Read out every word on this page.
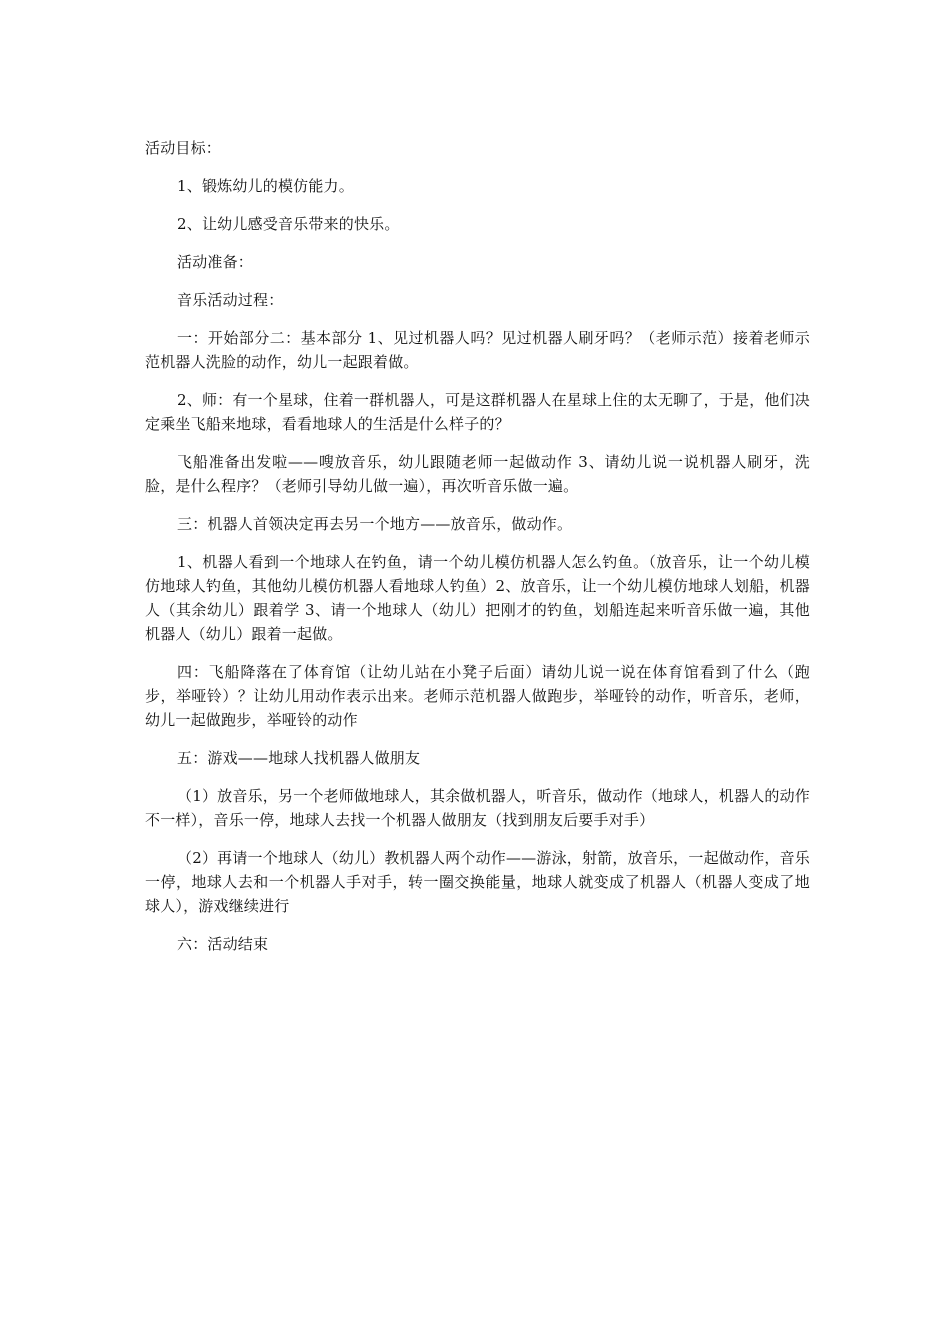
活动目标：

1、锻炼幼儿的模仿能力。

2、让幼儿感受音乐带来的快乐。

活动准备：

音乐活动过程：

一：开始部分二：基本部分 1、见过机器人吗？见过机器人刷牙吗？（老师示范）接着老师示范机器人洗脸的动作，幼儿一起跟着做。

2、师：有一个星球，住着一群机器人，可是这群机器人在星球上住的太无聊了，于是，他们决定乘坐飞船来地球，看看地球人的生活是什么样子的？

飞船准备出发啦——嗖放音乐，幼儿跟随老师一起做动作 3、请幼儿说一说机器人刷牙，洗脸，是什么程序？（老师引导幼儿做一遍），再次听音乐做一遍。

三：机器人首领决定再去另一个地方——放音乐，做动作。

1、机器人看到一个地球人在钓鱼，请一个幼儿模仿机器人怎么钓鱼。（放音乐，让一个幼儿模仿地球人钓鱼，其他幼儿模仿机器人看地球人钓鱼）2、放音乐，让一个幼儿模仿地球人划船，机器人（其余幼儿）跟着学 3、请一个地球人（幼儿）把刚才的钓鱼，划船连起来听音乐做一遍，其他机器人（幼儿）跟着一起做。

四：飞船降落在了体育馆（让幼儿站在小凳子后面）请幼儿说一说在体育馆看到了什么（跑步，举哑铃）？让幼儿用动作表示出来。老师示范机器人做跑步，举哑铃的动作，听音乐，老师，幼儿一起做跑步，举哑铃的动作

五：游戏——地球人找机器人做朋友

（1）放音乐，另一个老师做地球人，其余做机器人，听音乐，做动作（地球人，机器人的动作不一样），音乐一停，地球人去找一个机器人做朋友（找到朋友后要手对手）

（2）再请一个地球人（幼儿）教机器人两个动作——游泳，射箭，放音乐，一起做动作，音乐一停，地球人去和一个机器人手对手，转一圈交换能量，地球人就变成了机器人（机器人变成了地球人），游戏继续进行

六：活动结束
